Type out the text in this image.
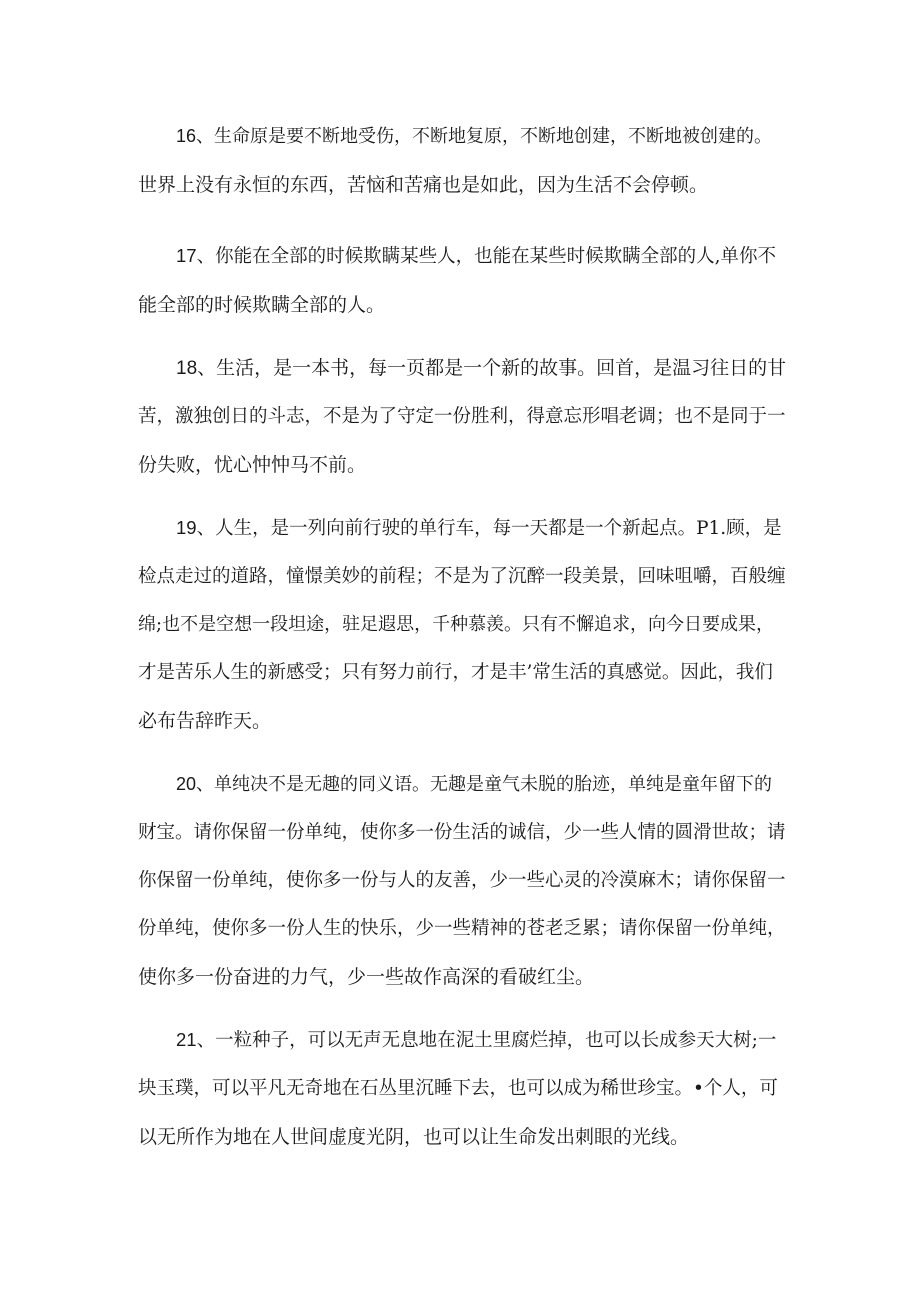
16、生命原是要不断地受伤，不断地复原，不断地创建，不断地被创建的。
世界上没有永恒的东西，苦恼和苦痛也是如此，因为生活不会停顿。

17、你能在全部的时候欺瞒某些人，也能在某些时候欺瞒全部的人,单你不
能全部的时候欺瞒全部的人。

18、生活，是一本书，每一页都是一个新的故事。回首，是温习往日的甘
苦，激独创日的斗志，不是为了守定一份胜利，得意忘形唱老调；也不是同于一
份失败，忧心忡忡马不前。

19、人生，是一列向前行驶的单行车，每一天都是一个新起点。P1.顾，是
检点走过的道路，憧憬美妙的前程；不是为了沉醉一段美景，回味咀嚼，百般缠
绵;也不是空想一段坦途，驻足遐思，千种慕羡。只有不懈追求，向今日要成果，
才是苦乐人生的新感受；只有努力前行，才是丰’常生活的真感觉。因此，我们
必布告辞昨天。

20、单纯决不是无趣的同义语。无趣是童气未脱的胎迹，单纯是童年留下的
财宝。请你保留一份单纯，使你多一份生活的诚信，少一些人情的圆滑世故；请
你保留一份单纯，使你多一份与人的友善，少一些心灵的冷漠麻木；请你保留一
份单纯，使你多一份人生的快乐，少一些精神的苍老乏累；请你保留一份单纯，
使你多一份奋进的力气，少一些故作高深的看破红尘。

21、一粒种子，可以无声无息地在泥土里腐烂掉，也可以长成参天大树;一
块玉璞，可以平凡无奇地在石丛里沉睡下去，也可以成为稀世珍宝。•个人，可
以无所作为地在人世间虚度光阴，也可以让生命发出刺眼的光线。
